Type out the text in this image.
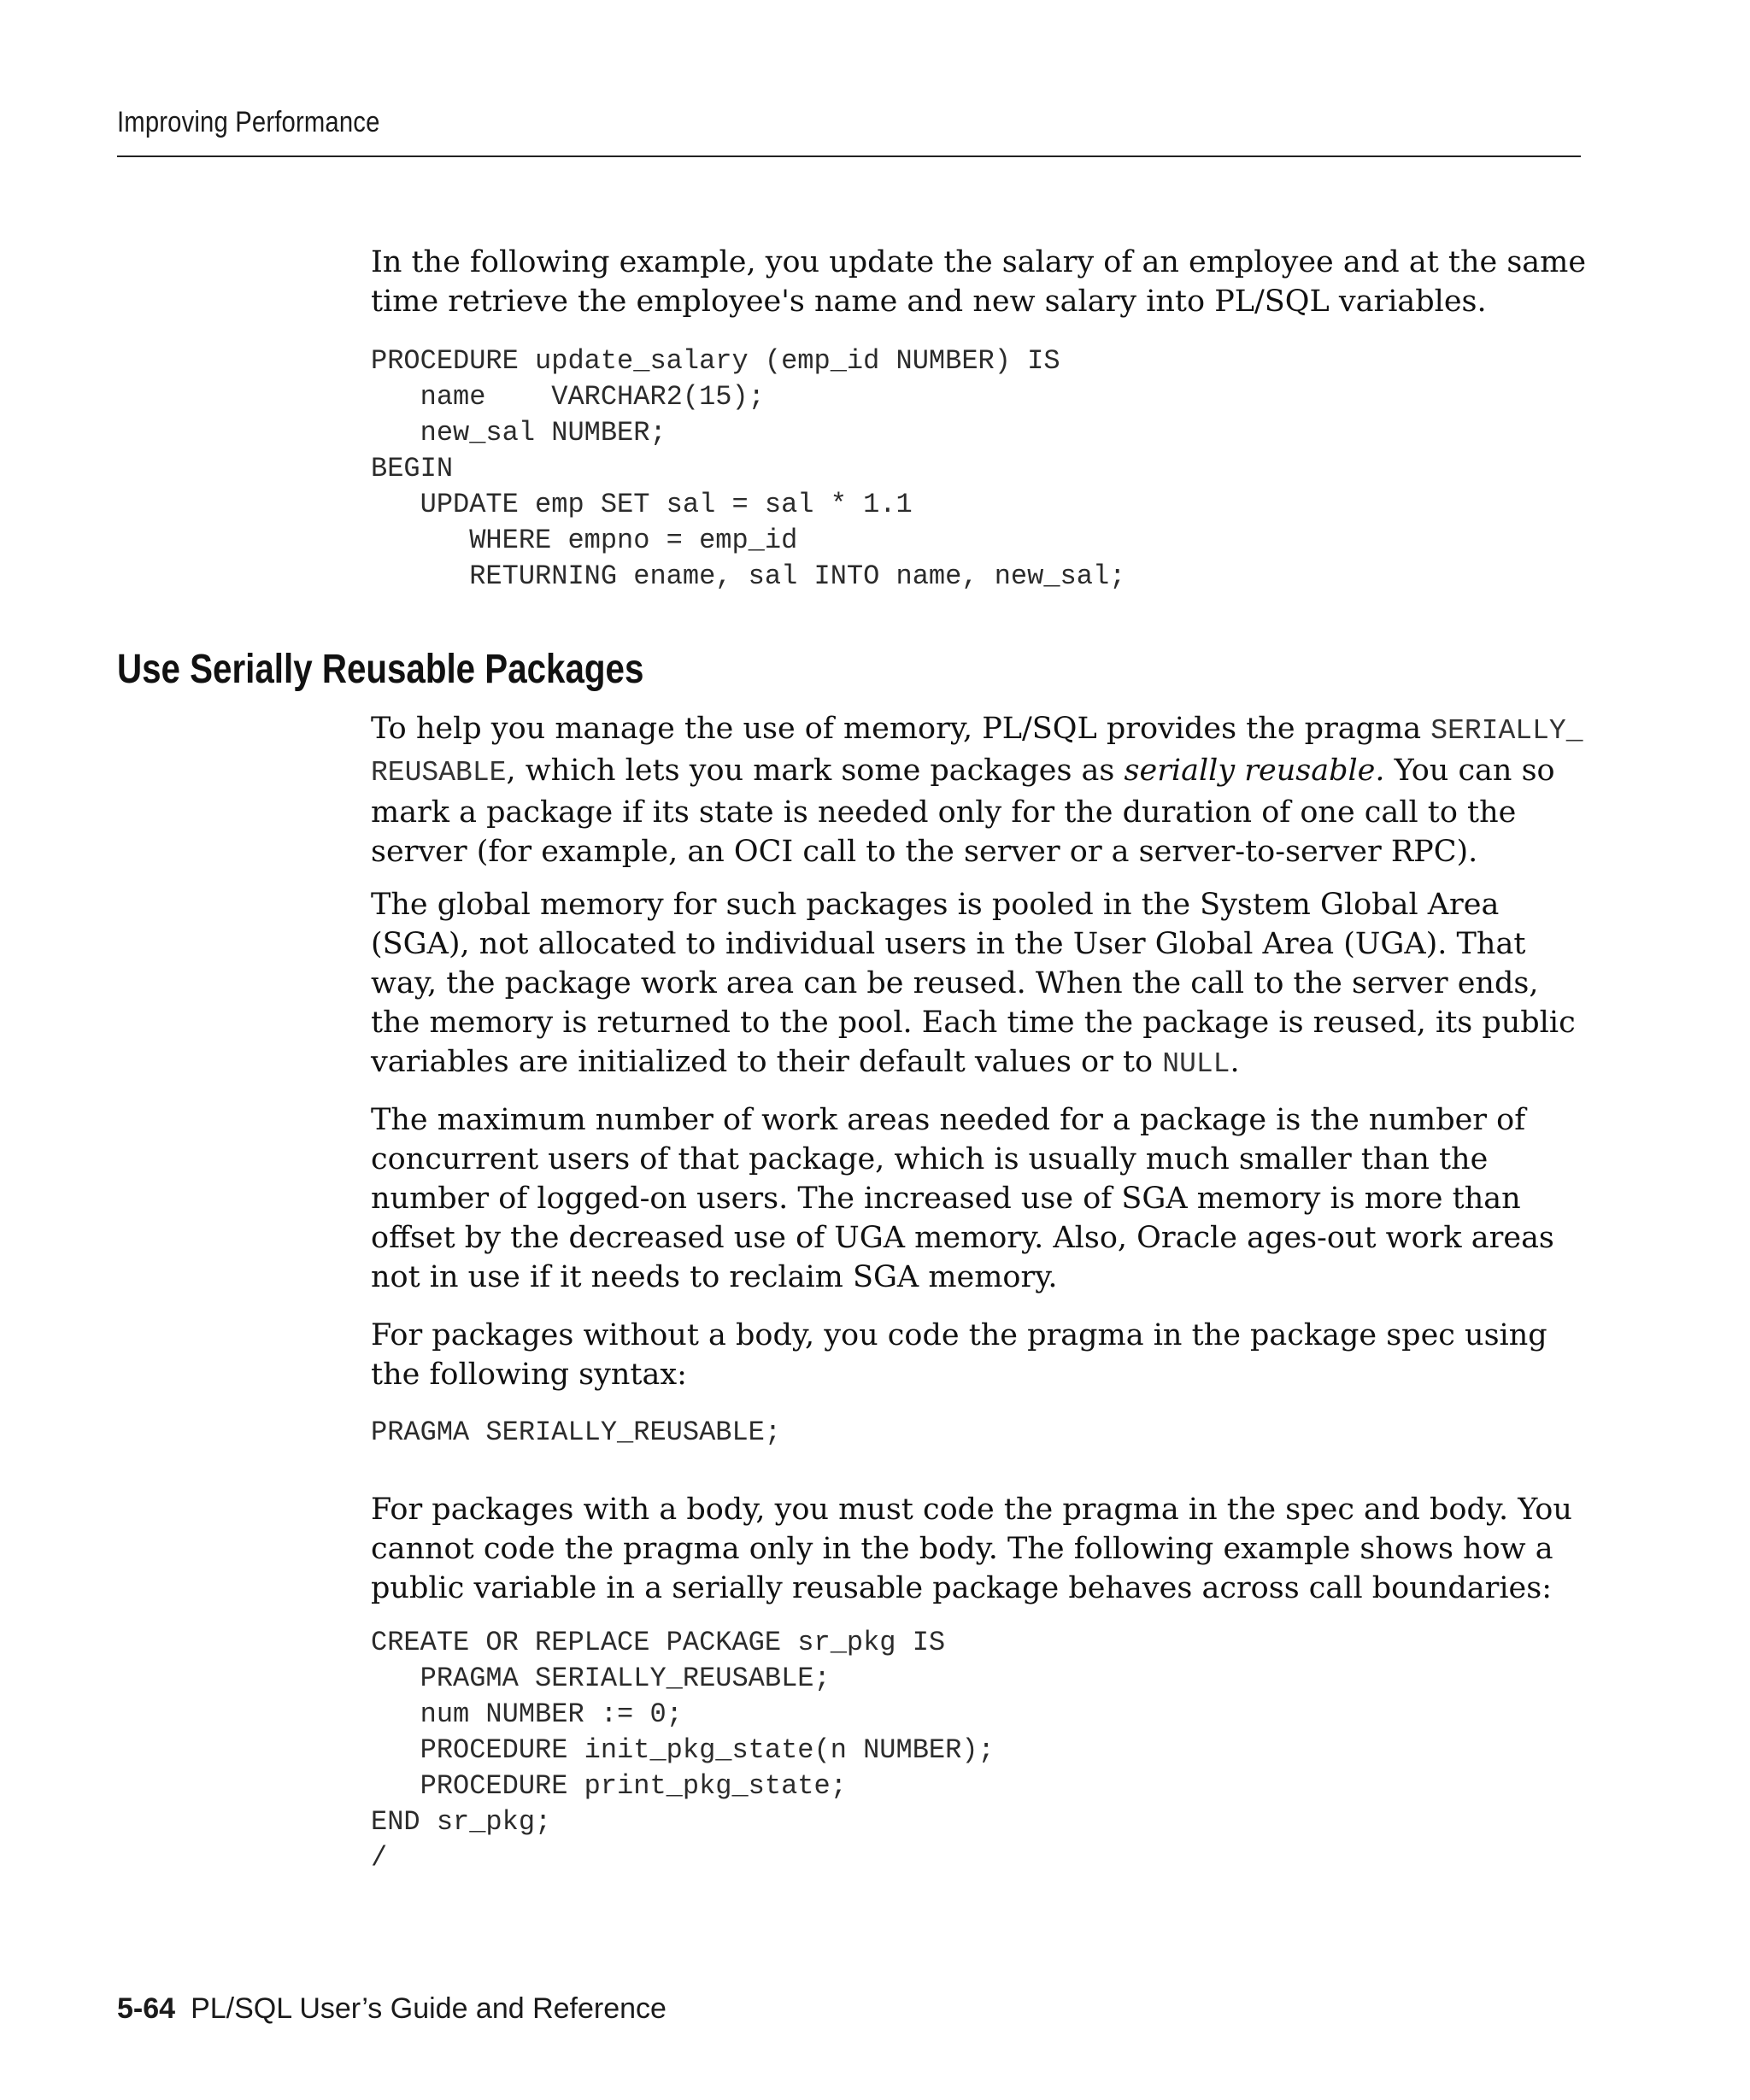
Improving Performance

In the following example, you update the salary of an employee and at the same time retrieve the employee's name and new salary into PL/SQL variables.

PROCEDURE update_salary (emp_id NUMBER) IS
name    VARCHAR2(15);
new_sal NUMBER;
BEGIN
UPDATE emp SET sal = sal * 1.1
WHERE empno = emp_id
RETURNING ename, sal INTO name, new_sal;
Use Serially Reusable Packages

To help you manage the use of memory, PL/SQL provides the pragma SERIALLY_ REUSABLE, which lets you mark some packages as serially reusable. You can so mark a package if its state is needed only for the duration of one call to the server (for example, an OCI call to the server or a server-to-server RPC).

The global memory for such packages is pooled in the System Global Area (SGA), not allocated to individual users in the User Global Area (UGA). That way, the package work area can be reused. When the call to the server ends, the memory is returned to the pool. Each time the package is reused, its public variables are initialized to their default values or to NULL.

The maximum number of work areas needed for a package is the number of concurrent users of that package, which is usually much smaller than the number of logged-on users. The increased use of SGA memory is more than offset by the decreased use of UGA memory. Also, Oracle ages-out work areas not in use if it needs to reclaim SGA memory.

For packages without a body, you code the pragma in the package spec using the following syntax:

PRAGMA SERIALLY_REUSABLE;

For packages with a body, you must code the pragma in the spec and body. You cannot code the pragma only in the body. The following example shows how a public variable in a serially reusable package behaves across call boundaries:

CREATE OR REPLACE PACKAGE sr_pkg IS
PRAGMA SERIALLY_REUSABLE;
num NUMBER := 0;
PROCEDURE init_pkg_state(n NUMBER);
PROCEDURE print_pkg_state;
END sr_pkg;
/
5-64 PL/SQL User’s Guide and Reference
